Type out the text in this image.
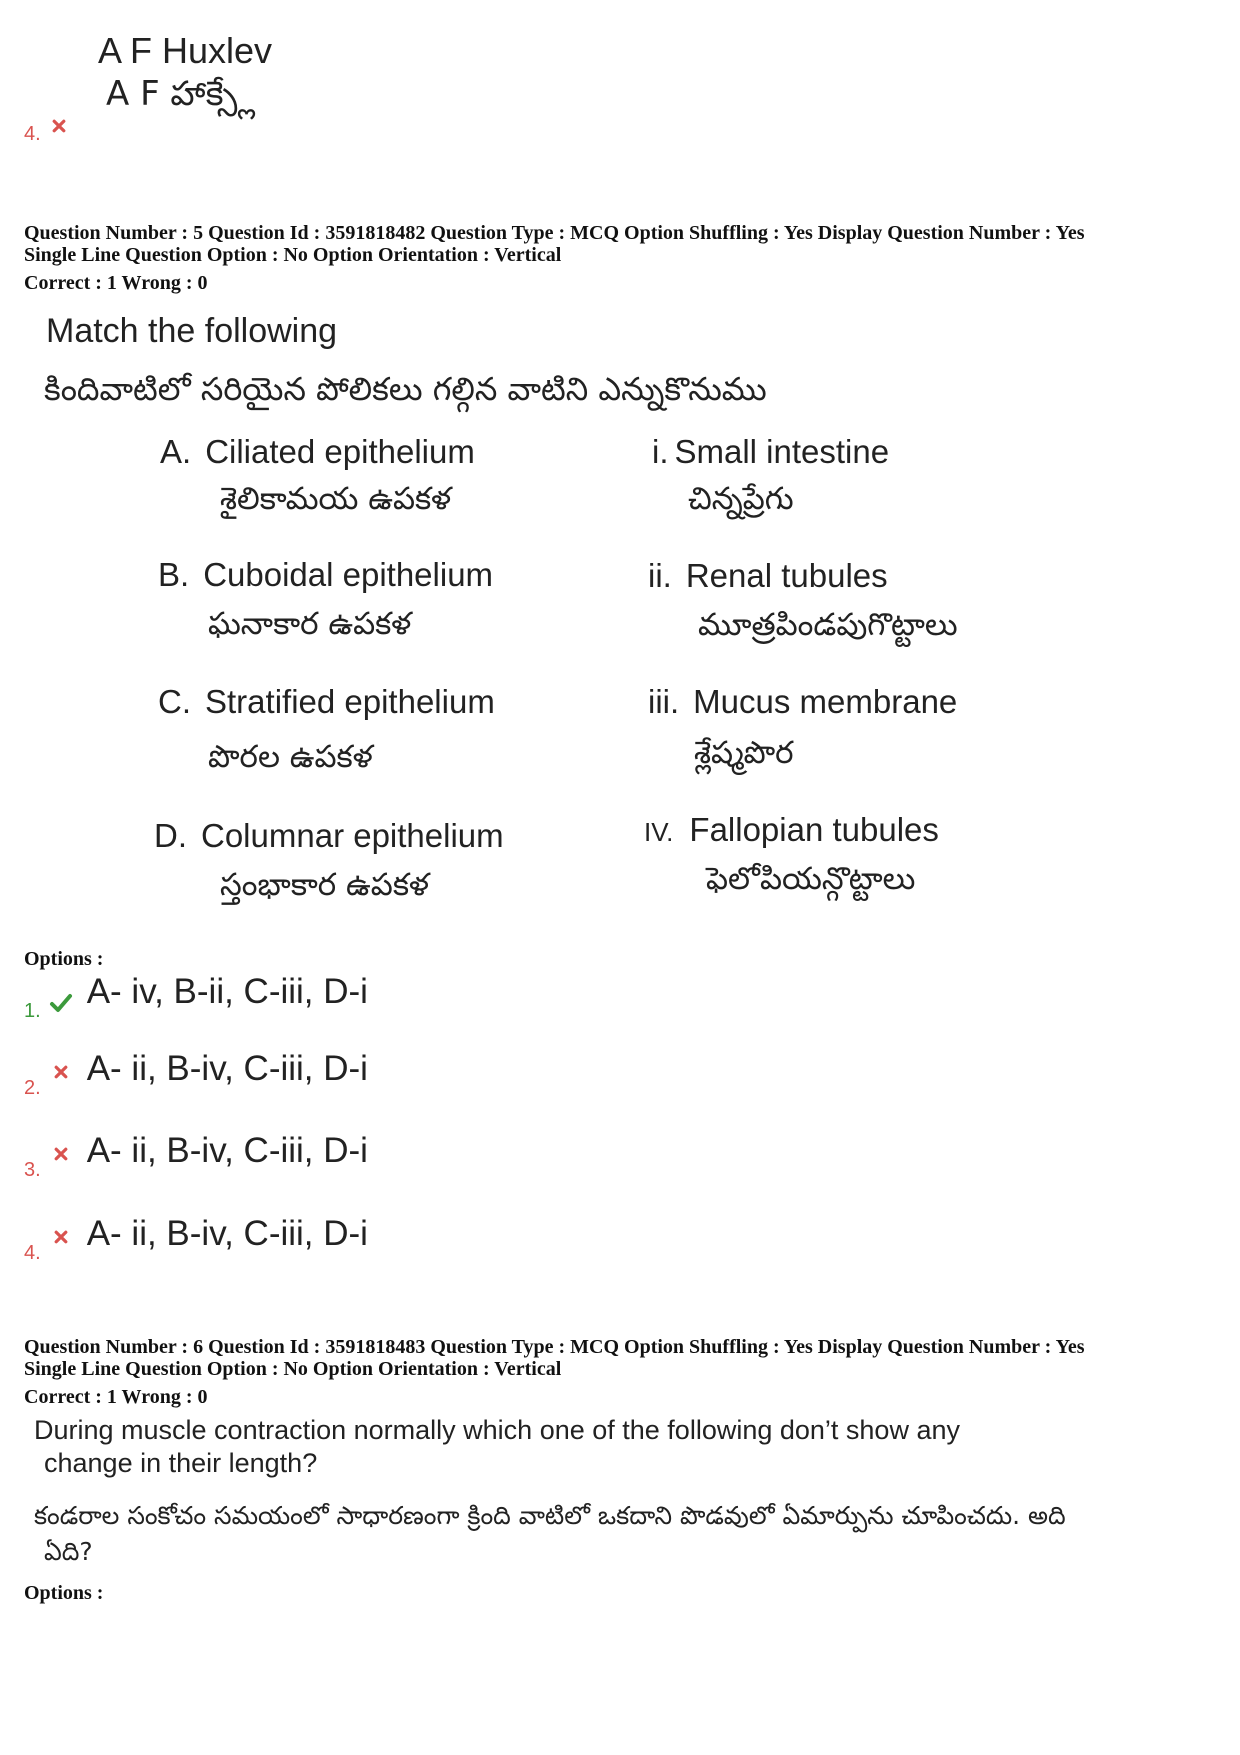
A F Huxlev
A F హాక్స్లే
4.
Question Number : 5 Question Id : 3591818482 Question Type : MCQ Option Shuffling : Yes Display Question Number : Yes
Single Line Question Option : No Option Orientation : Vertical
Correct : 1 Wrong : 0
Match the following
కిందివాటిలో సరియైన పోలికలు గల్గిన వాటిని ఎన్నుకొనుము
A. Ciliated epithelium
శైలికామయ ఉపకళ
B. Cuboidal epithelium
ఘనాకార ఉపకళ
C. Stratified epithelium
పొరల ఉపకళ
D. Columnar epithelium
స్తంభాకార ఉపకళ
i. Small intestine
చిన్నప్రేగు
ii. Renal tubules
మూత్రపిండపుగొట్టాలు
iii. Mucus membrane
శ్లేష్మపొర
IV. Fallopian tubules
ఫెలోపియన్గొట్టాలు
Options :
1. A- iv, B-ii, C-iii, D-i
2. A- ii, B-iv, C-iii, D-i
3. A- ii, B-iv, C-iii, D-i
4. A- ii, B-iv, C-iii, D-i
Question Number : 6 Question Id : 3591818483 Question Type : MCQ Option Shuffling : Yes Display Question Number : Yes
Single Line Question Option : No Option Orientation : Vertical
Correct : 1 Wrong : 0
During muscle contraction normally which one of the following don’t show any
change in their length?
కండరాల సంకోచం సమయంలో సాధారణంగా క్రింది వాటిలో ఒకదాని పొడవులో ఏమార్పును చూపించదు. అది
ఏది?
Options :
